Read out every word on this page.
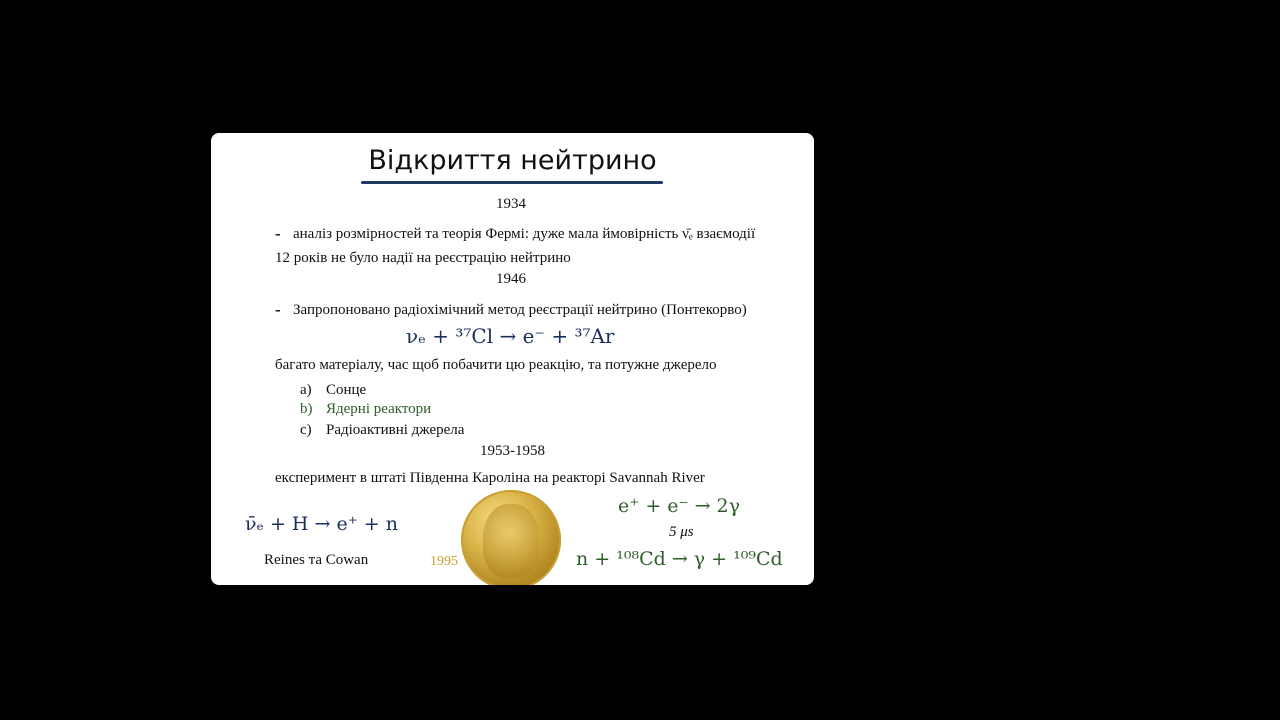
Відкриття нейтрино
1934
- аналіз розмірностей та теорія Фермі: дуже мала ймовірність ν̄ₑ взаємодії
12 років не було надії на реєстрацію нейтрино
1946
- Запропоновано радіохімічний метод реєстрації нейтрино (Понтекорво)
νₑ + ³⁷Cl → e⁻ + ³⁷Ar
багато матеріалу, час щоб побачити цю реакцію, та потужне джерело
a) Сонце
b) Ядерні реактори
c) Радіоактивні джерела
1953-1958
експеримент в штаті Південна Кароліна на реакторі Savannah River
ν̄ₑ + H → e⁺ + n
Reines та Cowan	1995
e⁺ + e⁻ → 2γ
5 μs
n + ¹⁰⁸Cd → γ + ¹⁰⁹Cd
